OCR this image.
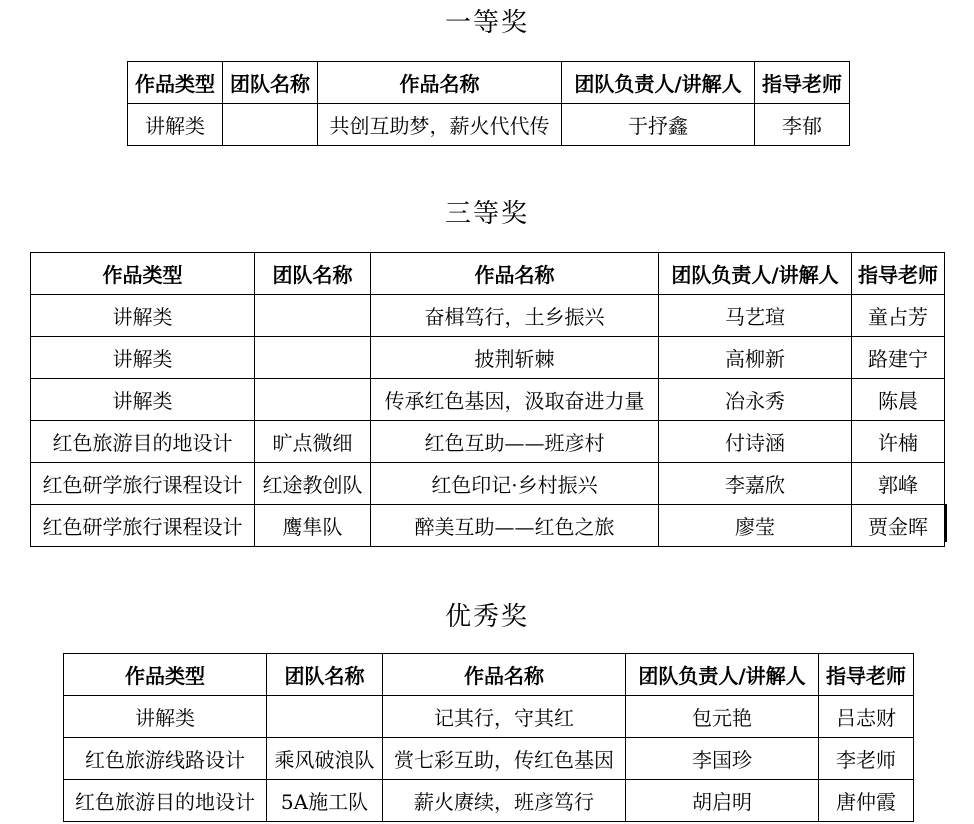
一等奖
作品类型	团队名称	作品名称	团队负责人/讲解人	指导老师
讲解类		共创互助梦，薪火代代传	于抒鑫	李郁
三等奖
作品类型	团队名称	作品名称	团队负责人/讲解人	指导老师
讲解类		奋楫笃行，土乡振兴	马艺瑄	童占芳
讲解类		披荆斩棘	高柳新	路建宁
讲解类		传承红色基因，汲取奋进力量	冶永秀	陈晨
红色旅游目的地设计	旷点微细	红色互助——班彦村	付诗涵	许楠
红色研学旅行课程设计	红途教创队	红色印记·乡村振兴	李嘉欣	郭峰
红色研学旅行课程设计	鹰隼队	醉美互助——红色之旅	廖莹	贾金晖
优秀奖
作品类型	团队名称	作品名称	团队负责人/讲解人	指导老师
讲解类		记其行，守其红	包元艳	吕志财
红色旅游线路设计	乘风破浪队	赏七彩互助，传红色基因	李国珍	李老师
红色旅游目的地设计	5A施工队	薪火赓续，班彦笃行	胡启明	唐仲霞
